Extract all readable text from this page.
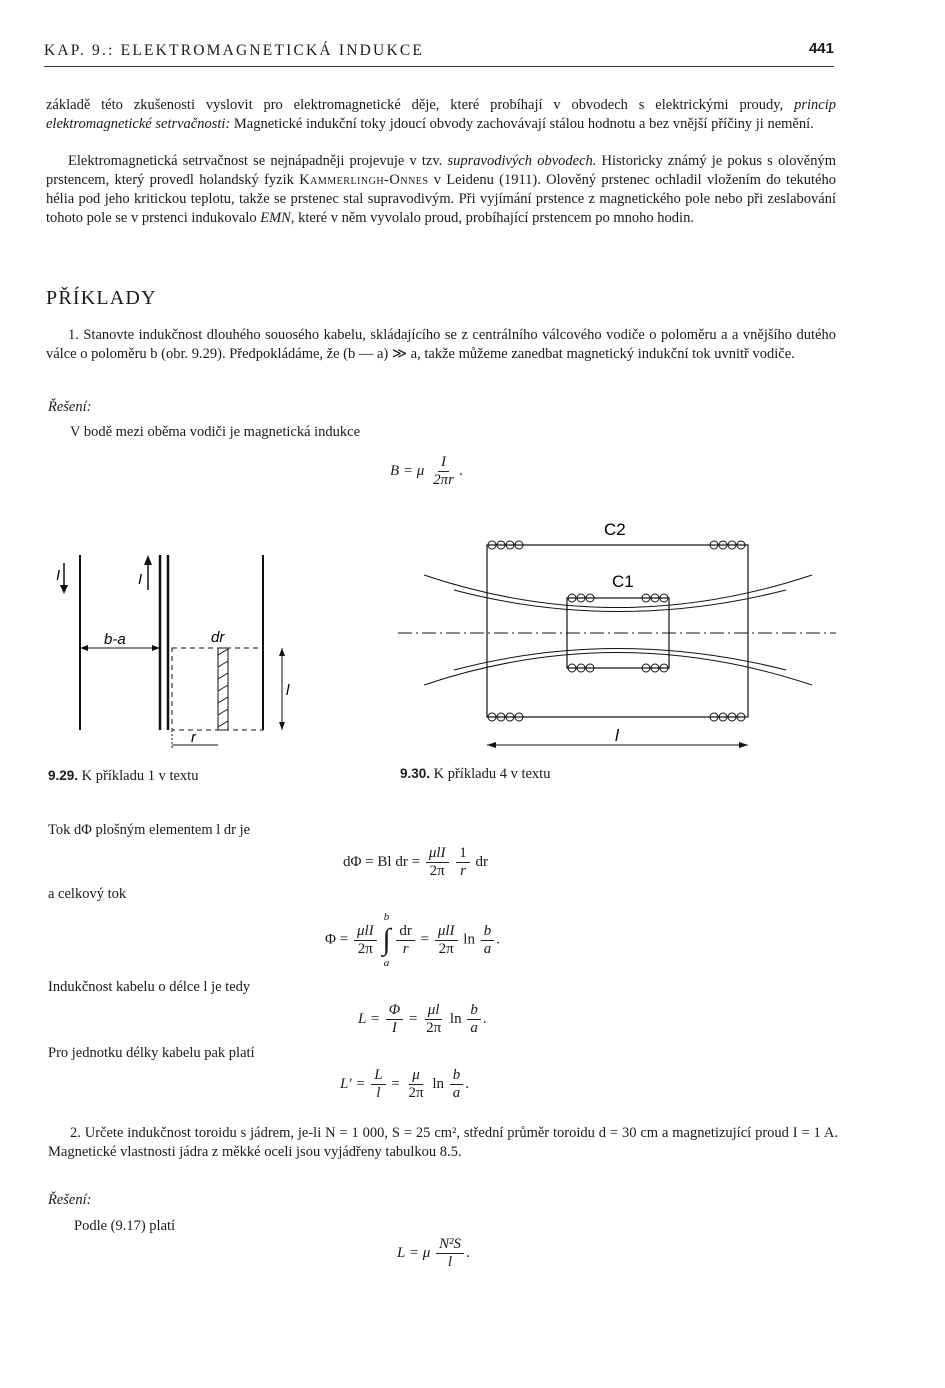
KAP. 9.: ELEKTROMAGNETICKÁ INDUKCE	441
základě této zkušenosti vyslovit pro elektromagnetické děje, které probíhají v obvodech s elektrickými proudy, princip elektromagnetické setrvačnosti: Magnetické indukční toky jdoucí obvody zachovávají stálou hodnotu a bez vnější příčiny ji nemění.
Elektromagnetická setrvačnost se nejnápadněji projevuje v tzv. supravodivých obvodech. Historicky známý je pokus s olověným prstencem, který provedl holandský fyzik Kammerlingh-Onnes v Leidenu (1911). Olověný prstenec ochladil vložením do tekutého hélia pod jeho kritickou teplotu, takže se prstenec stal supravodivým. Při vyjímání prstence z magnetického pole nebo při zeslabování tohoto pole se v prstenci indukovalo EMN, které v něm vyvolalo proud, probíhající prstencem po mnoho hodin.
PŘÍKLADY
1. Stanovte indukčnost dlouhého souosého kabelu, skládajícího se z centrálního válcového vodiče o poloměru a a vnějšího dutého válce o poloměru b (obr. 9.29). Předpokládáme, že (b — a) ≫ a, takže můžeme zanedbat magnetický indukční tok uvnitř vodiče.
Řešení:
V bodě mezi oběma vodiči je magnetická indukce
B = μ $\frac{I}{2\pi r}$ .
I	I
b-a	dr
l
r
C2
C1
l
9.29. K příkladu 1 v textu	9.30. K příkladu 4 v textu
Tok dΦ plošným elementem l dr je
dΦ = Bl dr = $\frac{\text{μlI}}{2\pi}$
$\frac{1}{r}$ dr
a celkový tok
$\Phi = \frac{\text{μlI}}{2\pi}$

b
∫
a

$\frac{dr}{r} = \frac{\text{μlI}}{2\pi}$ $\ln \frac{b}{a}$ .
Indukčnost kabelu o délce l je tedy
$L = \frac{\Phi}{I} = \frac{\mu l}{2\pi}$ $\ln \frac{b}{a}$ .
Pro jednotku délky kabelu pak platí
$L' = \frac{L}{l} = \frac{\mu}{2\pi}$ $\ln \frac{b}{a}$ .
2. Určete indukčnost toroidu s jádrem, je-li N = 1 000, S = 25 cm², střední průměr toroidu d = 30 cm a magnetizující proud I = 1 A. Magnetické vlastnosti jádra z měkké oceli jsou vyjádřeny tabulkou 8.5.
Řešení:
Podle (9.17) platí
L = μ $\frac{\text{N²S}}{l}$ .
